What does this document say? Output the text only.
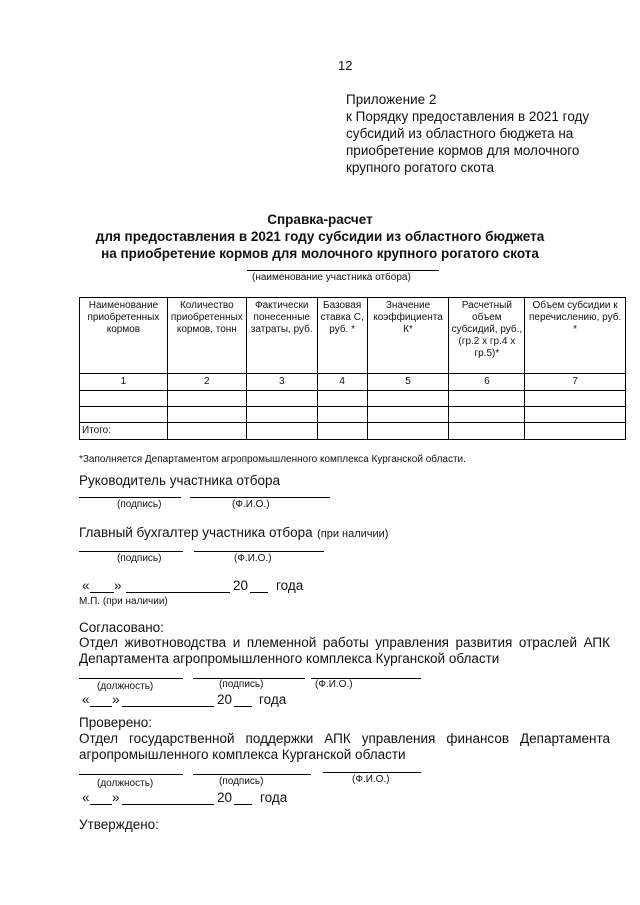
12
Приложение 2
к Порядку предоставления в 2021 году
субсидий из областного бюджета на
приобретение кормов для молочного
крупного рогатого скота
Справка-расчет
для предоставления в 2021 году субсидии из областного бюджета
на приобретение кормов для молочного крупного рогатого скота
(наименование участника отбора)
Наименование приобретенных кормов	Количество приобретенных кормов, тонн	Фактически понесенные затраты, руб.	Базовая ставка С, руб. *	Значение коэффициента К*	Расчетный объем субсидий, руб., (гр.2 х гр.4 х гр.5)*	Объем субсидии к перечислению, руб. *
1	2	3	4	5	6	7

Итого:						
*Заполняется Департаментом агропромышленного комплекса Курганской области.
Руководитель участника отбора
(подпись)	(Ф.И.О.)
Главный бухгалтер участника отбора (при наличии)
(подпись)	(Ф.И.О.)
« »	20 года
М.П. (при наличии)
Согласовано:
Отдел животноводства и племенной работы управления развития отраслей АПК
Департамента агропромышленного комплекса Курганской области
(должность)	(подпись)	(Ф.И.О.)
« »	20 года
Проверено:
Отдел государственной поддержки АПК управления финансов Департамента
агропромышленного комплекса Курганской области
(должность)	(подпись)	(Ф.И.О.)
« »	20 года
Утверждено:
